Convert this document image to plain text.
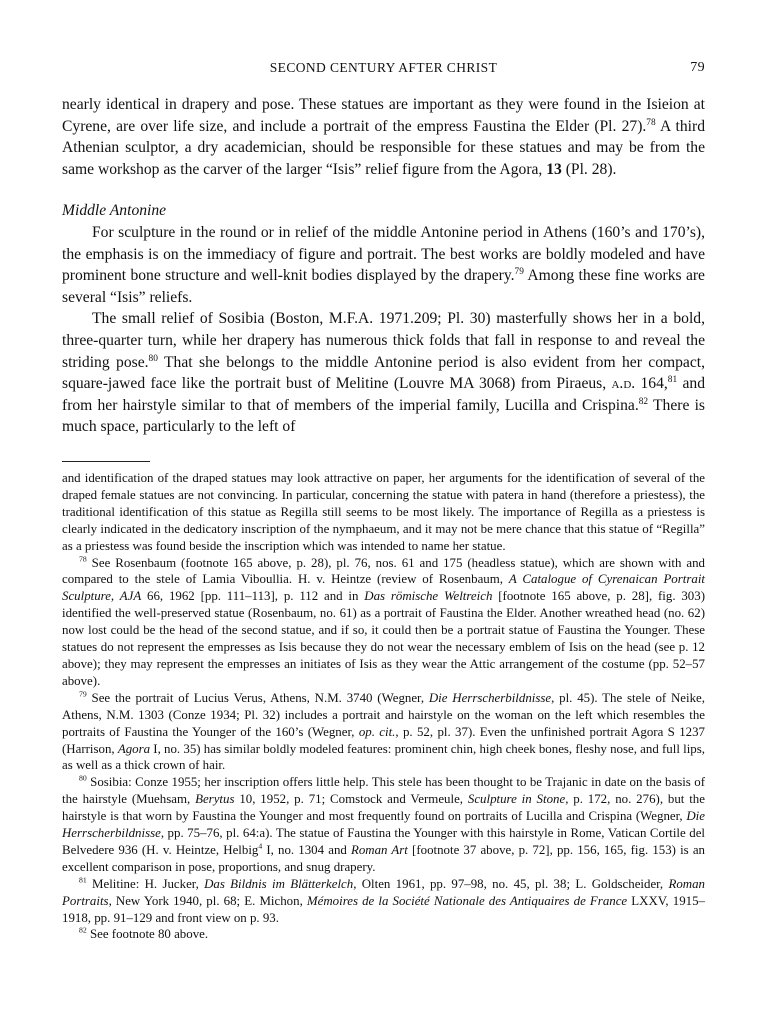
SECOND CENTURY AFTER CHRIST	79

nearly identical in drapery and pose. These statues are important as they were found in the Isieion at Cyrene, are over life size, and include a portrait of the empress Faustina the Elder (Pl. 27).$^{78}$ A third Athenian sculptor, a dry academician, should be responsible for these statues and may be from the same workshop as the carver of the larger “Isis” relief figure from the Agora, 13 (Pl. 28).

Middle Antonine

For sculpture in the round or in relief of the middle Antonine period in Athens (160’s and 170’s), the emphasis is on the immediacy of figure and portrait. The best works are boldly modeled and have prominent bone structure and well-knit bodies displayed by the drapery.$^{79}$ Among these fine works are several “Isis” reliefs.

The small relief of Sosibia (Boston, M.F.A. 1971.209; Pl. 30) masterfully shows her in a bold, three-quarter turn, while her drapery has numerous thick folds that fall in response to and reveal the striding pose.$^{80}$ That she belongs to the middle Antonine period is also evident from her compact, square-jawed face like the portrait bust of Melitine (Louvre MA 3068) from Piraeus, a.d. 164,81 and from her hairstyle similar to that of members of the imperial family, Lucilla and Crispina.$^{82}$ There is much space, particularly to the left of

and identification of the draped statues may look attractive on paper, her arguments for the identification of several of the draped female statues are not convincing. In particular, concerning the statue with patera in hand (therefore a priestess), the traditional identification of this statue as Regilla still seems to be most likely. The importance of Regilla as a priestess is clearly indicated in the dedicatory inscription of the nymphaeum, and it may not be mere chance that this statue of “Regilla” as a priestess was found beside the inscription which was intended to name her statue.

$^{78}$ See Rosenbaum (footnote 165 above, p. 28), pl. 76, nos. 61 and 175 (headless statue), which are shown with and compared to the stele of Lamia Viboullia. H. v. Heintze (review of Rosenbaum, A Catalogue of Cyrenaican Portrait Sculpture, AJA 66, 1962 [pp. 111–113], p. 112 and in Das römische Weltreich [footnote 165 above, p. 28], fig. 303) identified the well-preserved statue (Rosenbaum, no. 61) as a portrait of Faustina the Elder. Another wreathed head (no. 62) now lost could be the head of the second statue, and if so, it could then be a portrait statue of Faustina the Younger. These statues do not represent the empresses as Isis because they do not wear the necessary emblem of Isis on the head (see p. 12 above); they may represent the empresses an initiates of Isis as they wear the Attic arrangement of the costume (pp. 52–57 above).

$^{79}$ See the portrait of Lucius Verus, Athens, N.M. 3740 (Wegner, Die Herrscherbildnisse, pl. 45). The stele of Neike, Athens, N.M. 1303 (Conze 1934; Pl. 32) includes a portrait and hairstyle on the woman on the left which resembles the portraits of Faustina the Younger of the 160’s (Wegner, op. cit., p. 52, pl. 37). Even the unfinished portrait Agora S 1237 (Harrison, Agora I, no. 35) has similar boldly modeled features: prominent chin, high cheek bones, fleshy nose, and full lips, as well as a thick crown of hair.

$^{80}$ Sosibia: Conze 1955; her inscription offers little help. This stele has been thought to be Trajanic in date on the basis of the hairstyle (Muehsam, Berytus 10, 1952, p. 71; Comstock and Vermeule, Sculpture in Stone, p. 172, no. 276), but the hairstyle is that worn by Faustina the Younger and most frequently found on portraits of Lucilla and Crispina (Wegner, Die Herrscherbildnisse, pp. 75–76, pl. 64:a). The statue of Faustina the Younger with this hairstyle in Rome, Vatican Cortile del Belvedere 936 (H. v. Heintze, Helbig$^4$ I, no. 1304 and Roman Art [footnote 37 above, p. 72], pp. 156, 165, fig. 153) is an excellent comparison in pose, proportions, and snug drapery.

$^{81}$ Melitine: H. Jucker, Das Bildnis im Blätterkelch, Olten 1961, pp. 97–98, no. 45, pl. 38; L. Goldscheider, Roman Portraits, New York 1940, pl. 68; E. Michon, Mémoires de la Société Nationale des Antiquaires de France LXXV, 1915–1918, pp. 91–129 and front view on p. 93.

$^{82}$ See footnote 80 above.
